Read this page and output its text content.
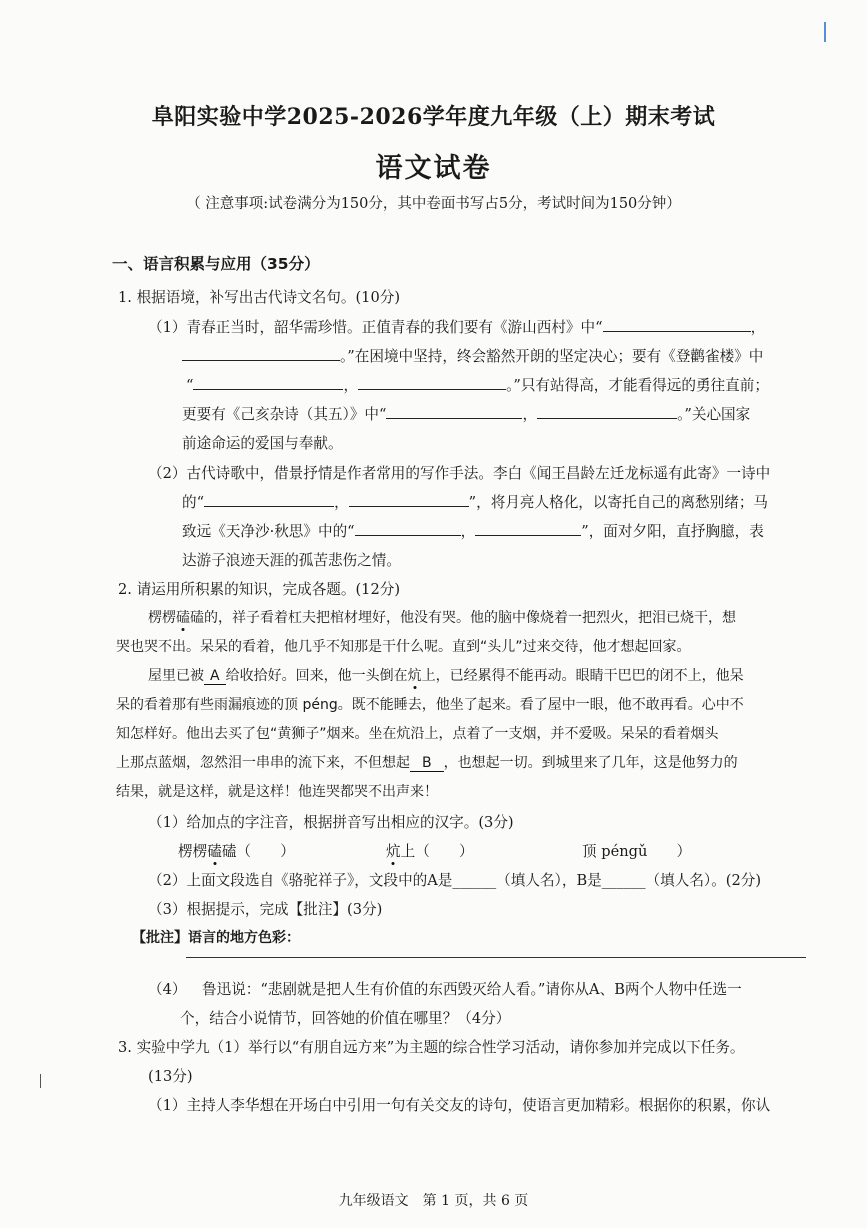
阜阳实验中学2025-2026学年度九年级（上）期末考试
语文试卷
（ 注意事项:试卷满分为150分，其中卷面书写占5分，考试时间为150分钟）
一、语言积累与应用（35分）
1. 根据语境，补写出古代诗文名句。(10分)
（1）青春正当时，韶华需珍惜。正值青春的我们要有《游山西村》中“	，
。”在困境中坚持，终会豁然开朗的坚定决心；要有《登鹳雀楼》中
“	，	。”只有站得高，才能看得远的勇往直前；
更要有《己亥杂诗（其五）》中“	，	。”关心国家
前途命运的爱国与奉献。
（2）古代诗歌中，借景抒情是作者常用的写作手法。李白《闻王昌龄左迁龙标遥有此寄》一诗中
的“	，	”，将月亮人格化，以寄托自己的离愁别绪；马
致远《天净沙·秋思》中的“	，	”，面对夕阳，直抒胸臆，表
达游子浪迹天涯的孤苦悲伤之情。
2. 请运用所积累的知识，完成各题。(12分)
楞楞磕磕的，祥子看着杠夫把棺材埋好，他没有哭。他的脑中像烧着一把烈火，把泪已烧干，想
哭也哭不出。呆呆的看着，他几乎不知那是干什么呢。直到“头儿”过来交待，他才想起回家。
屋里已被 A 给收拾好。回来，他一头倒在炕上，已经累得不能再动。眼睛干巴巴的闭不上，他呆
呆的看着那有些雨漏痕迹的顶 péng。既不能睡去，他坐了起来。看了屋中一眼，他不敢再看。心中不
知怎样好。他出去买了包“黄狮子”烟来。坐在炕沿上，点着了一支烟，并不爱吸。呆呆的看着烟头
上那点蓝烟，忽然泪一串串的流下来，不但想起 B ，也想起一切。到城里来了几年，这是他努力的
结果，就是这样，就是这样！他连哭都哭不出声来！
（1）给加点的字注音，根据拼音写出相应的汉字。(3分)
楞楞磕磕（　　）	炕上（　　）	顶 péngǔ　　）
（2）上面文段选自《骆驼祥子》，文段中的A是______（填人名），B是______（填人名）。(2分)
（3）根据提示，完成【批注】(3分)
【批注】语言的地方色彩：
（4） 鲁迅说：“悲剧就是把人生有价值的东西毁灭给人看。”请你从A、B两个人物中任选一
个，结合小说情节，回答她的价值在哪里？（4分）
3. 实验中学九（1）举行以“有朋自远方来”为主题的综合性学习活动，请你参加并完成以下任务。
(13分)
（1）主持人李华想在开场白中引用一句有关交友的诗句，使语言更加精彩。根据你的积累，你认
九年级语文　第 1 页，共 6 页
